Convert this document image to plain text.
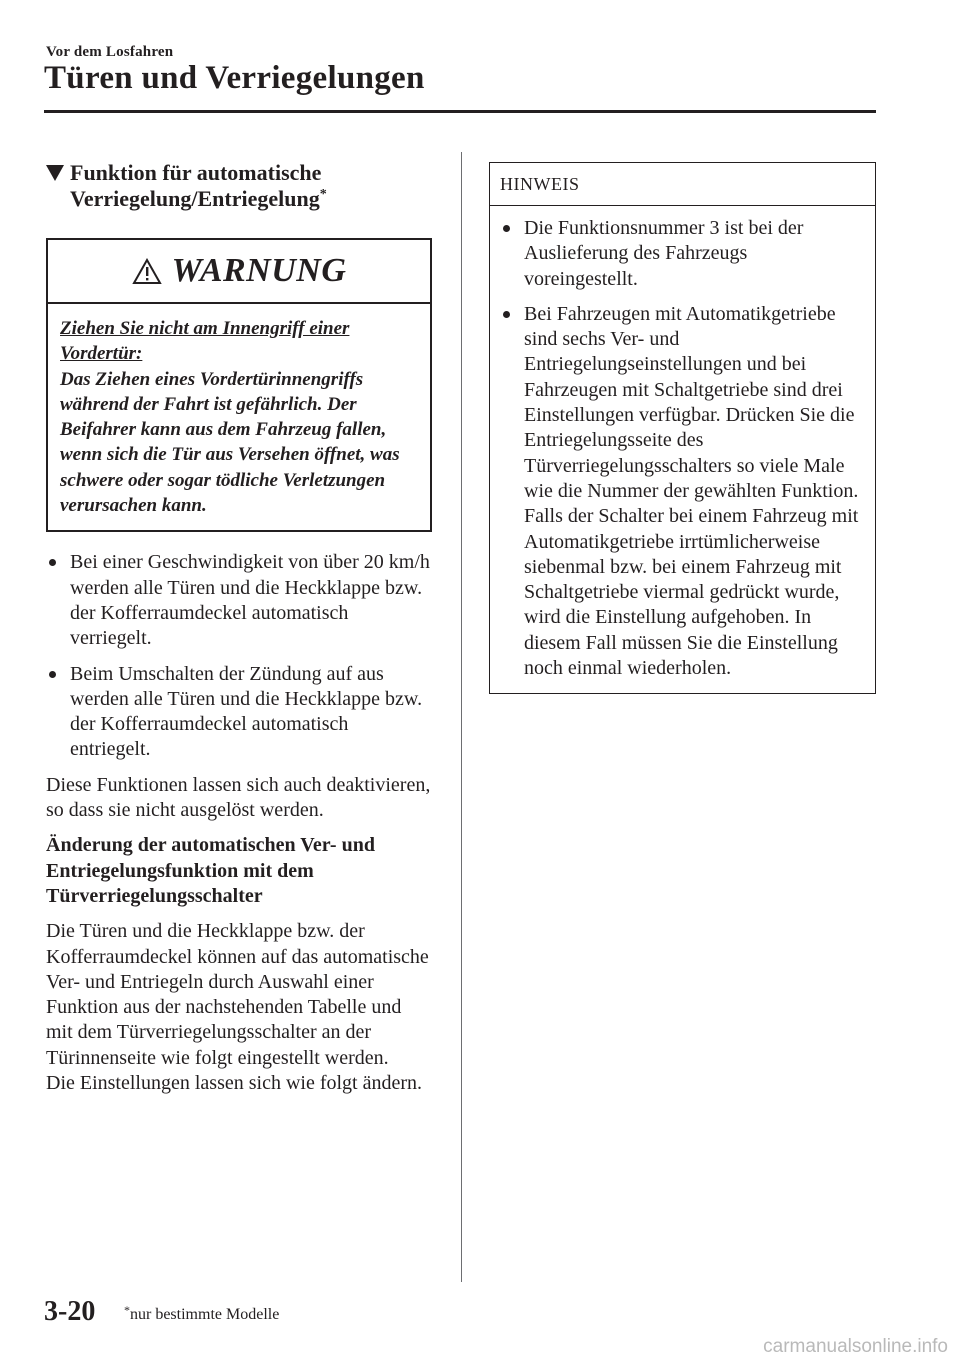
Vor dem Losfahren
Türen und Verriegelungen
Funktion für automatische
Verriegelung/Entriegelung*
WARNUNG
Ziehen Sie nicht am Innengriff einer
Vordertür:
Das Ziehen eines Vordertürinnengriffs während der Fahrt ist gefährlich. Der Beifahrer kann aus dem Fahrzeug fallen, wenn sich die Tür aus Versehen öffnet, was schwere oder sogar tödliche Verletzungen verursachen kann.
Bei einer Geschwindigkeit von über 20 km/h werden alle Türen und die Heckklappe bzw. der Kofferraumdeckel automatisch verriegelt.
Beim Umschalten der Zündung auf aus werden alle Türen und die Heckklappe bzw. der Kofferraumdeckel automatisch entriegelt.

Diese Funktionen lassen sich auch deaktivieren, so dass sie nicht ausgelöst werden.

Änderung der automatischen Ver- und Entriegelungsfunktion mit dem Türverriegelungsschalter

Die Türen und die Heckklappe bzw. der Kofferraumdeckel können auf das automatische Ver- und Entriegeln durch Auswahl einer Funktion aus der nachstehenden Tabelle und mit dem Türverriegelungsschalter an der Türinnenseite wie folgt eingestellt werden.
Die Einstellungen lassen sich wie folgt ändern.

HINWEIS
Die Funktionsnummer 3 ist bei der Auslieferung des Fahrzeugs voreingestellt.
Bei Fahrzeugen mit Automatikgetriebe sind sechs Ver- und Entriegelungseinstellungen und bei Fahrzeugen mit Schaltgetriebe sind drei Einstellungen verfügbar. Drücken Sie die Entriegelungsseite des Türverriegelungsschalters so viele Male wie die Nummer der gewählten Funktion. Falls der Schalter bei einem Fahrzeug mit Automatikgetriebe irrtümlicherweise siebenmal bzw. bei einem Fahrzeug mit Schaltgetriebe viermal gedrückt wurde, wird die Einstellung aufgehoben. In diesem Fall müssen Sie die Einstellung noch einmal wiederholen.
3-20 *nur bestimmte Modelle
carmanualsonline.info
